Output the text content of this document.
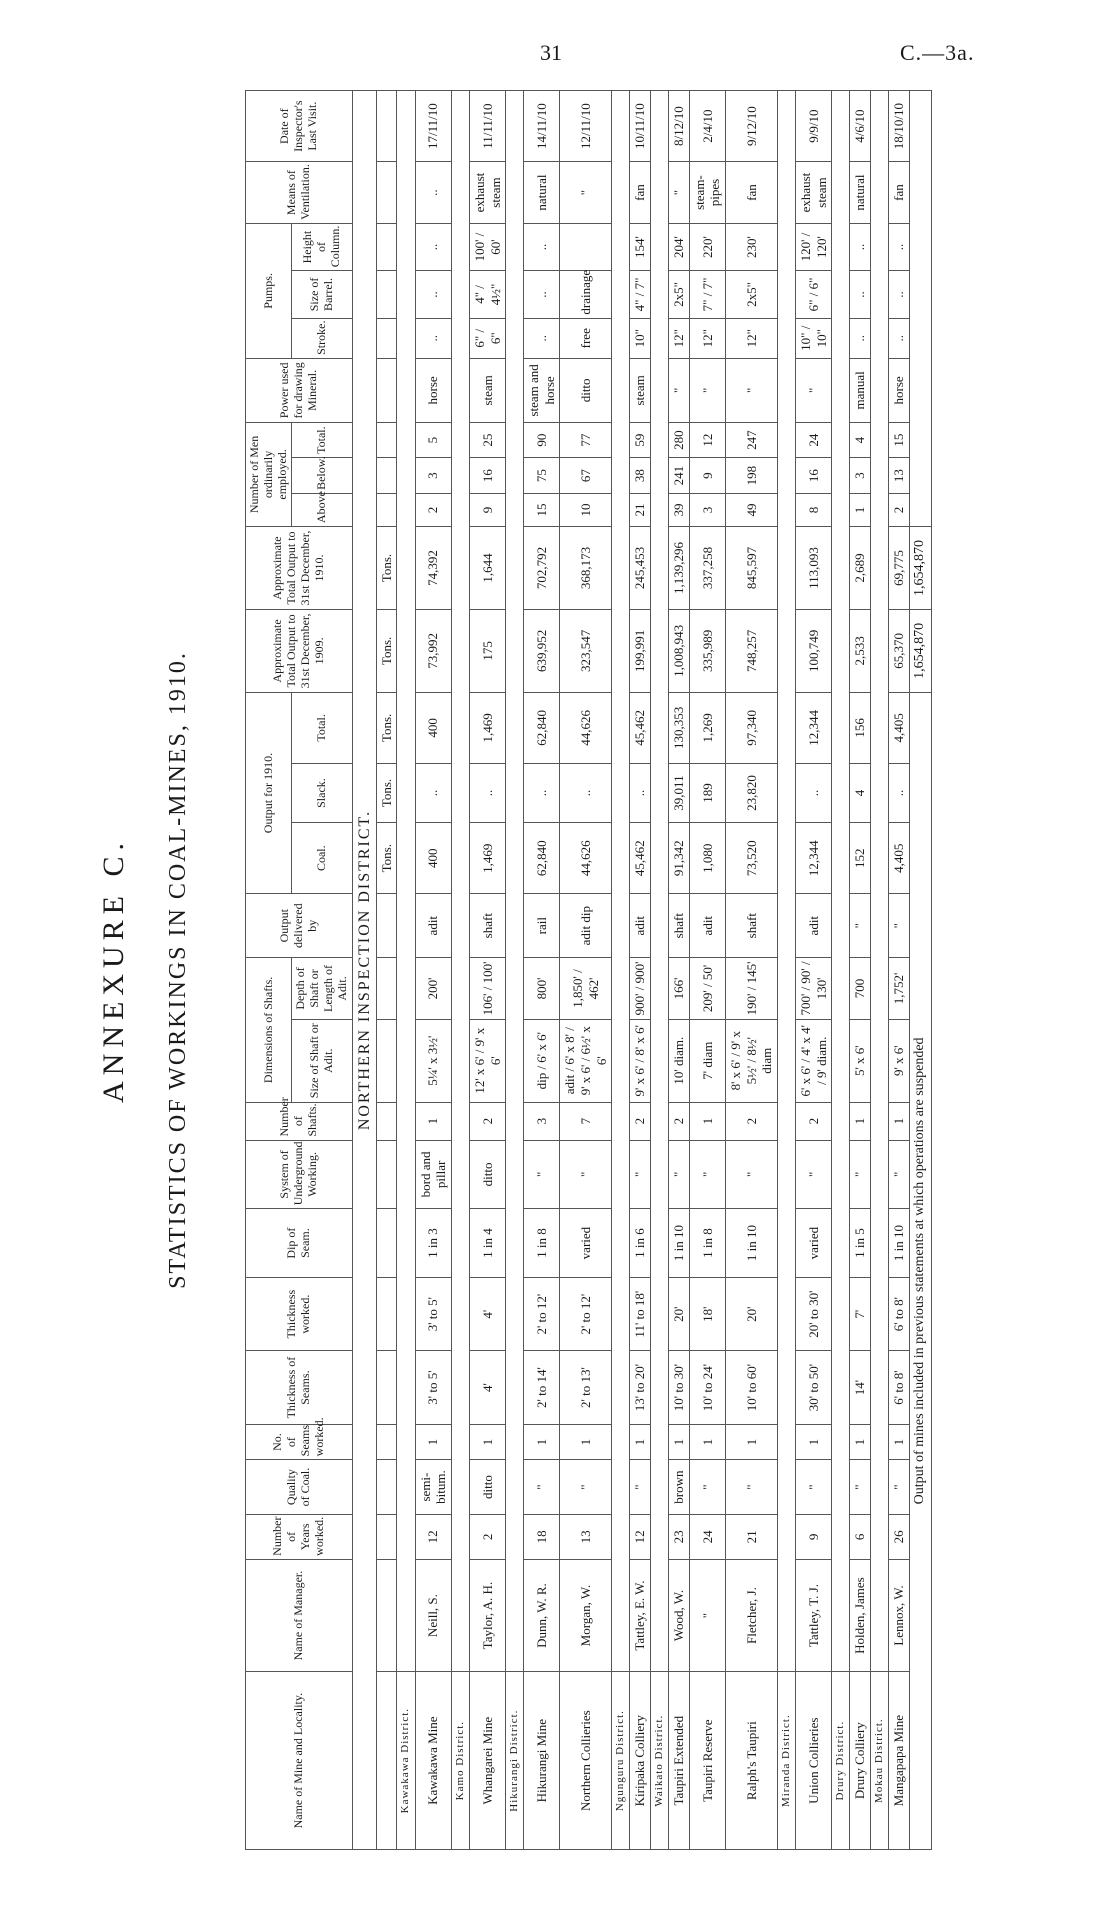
31	C.—3a.
ANNEXURE C. STATISTICS OF WORKINGS IN COAL-MINES, 1910.
Name of Mine and Locality.	Name of Manager.	Number of Years worked.	Quality of Coal.	No. of Seams worked.	Thickness of Seams.	Thickness worked.	Dip of Seam.	System of Underground Working.	Number of Shafts.	Dimensions of Shafts.		Output delivered by	Output for 1910.			Approximate Total Output to 31st December, 1909.	Approximate Total Output to 31st December, 1910.	Number of Men ordinarily employed.			Power used for drawing Mineral.	Pumps.			Means of Ventilation.	Date of Inspector's Last Visit.
										Size of Shaft or Adit.	Depth of Shaft or Length of Adit.		Coal.	Slack.	Total.			Above	Below.	Total.		Stroke.	Size of Barrel.	Height of Column.		
NORTHERN INSPECTION DISTRICT.																										
													Tons.	Tons.	Tons.	Tons.	Tons.									
Kawakawa District.																										
Kawakawa Mine	Neill, S.	12	semi-bitum.	1	3' to 5'	3' to 5'	1 in 3	bord and pillar	1	5¼' x 3½'	200'	adit	400	..	400	73,992	74,392	2	3	5	horse	..	..	..	..	17/11/10
Kamo District.																										
Whangarei Mine	Taylor, A. H.	2	ditto	1	4'	4'	1 in 4	ditto	2	12' x 6' / 9' x 6'	106' / 100'	shaft	1,469	..	1,469	175	1,644	9	16	25	steam	6" / 6"	4" / 4½"	100' / 60'	exhaust steam	11/11/10
Hikurangi District.																										
Hikurangi Mine	Dunn, W. R.	18	"	1	2' to 14'	2' to 12'	1 in 8	"	3	dip / 6' x 6'	800'	rail	62,840	..	62,840	639,952	702,792	15	75	90	steam and horse	..	..	..	natural	14/11/10
Northern Collieries	Morgan, W.	13	"	1	2' to 13'	2' to 12'	varied	"	7	adit / 6' x 8' / 9' x 6' / 6½' x 6'	1,850' / 462'	adit dip	44,626	..	44,626	323,547	368,173	10	67	77	ditto	free	drainage		"	12/11/10
Ngunguru District.																										
Kiripaka Colliery	Tattley, E. W.	12	"	1	13' to 20'	11' to 18'	1 in 6	"	2	9' x 6' / 8' x 6'	900' / 900'	adit	45,462	..	45,462	199,991	245,453	21	38	59	steam	10"	4" / 7"	154'	fan	10/11/10
Waikato District.																										
Taupiri Extended	Wood, W.	23	brown	1	10' to 30'	20'	1 in 10	"	2	10' diam.	166'	shaft	91,342	39,011	130,353	1,008,943	1,139,296	39	241	280	"	12"	2x5"	204'	"	8/12/10
Taupiri Reserve	"	24	"	1	10' to 24'	18'	1 in 8	"	1	7' diam	209' / 50'	adit	1,080	189	1,269	335,989	337,258	3	9	12	"	12"	7" / 7"	220'	steam-pipes	2/4/10
Ralph's Taupiri	Fletcher, J.	21	"	1	10' to 60'	20'	1 in 10	"	2	8' x 6' / 9' x 5½' / 8½' diam	190' / 145'	shaft	73,520	23,820	97,340	748,257	845,597	49	198	247	"	12"	2x5"	230'	fan	9/12/10
Miranda District.																										
Union Collieries	Tattley, T. J.	9	"	1	30' to 50'	20' to 30'	varied	"	2	6' x 6' / 4' x 4' / 9' diam.	700' / 90' / 130'	adit	12,344	..	12,344	100,749	113,093	8	16	24	"	10" / 10"	6" / 6"	120' / 120'	exhaust steam	9/9/10
Drury District.																										
Drury Colliery	Holden, James	6	"	1	14'	7'	1 in 5	"	1	5' x 6'	700	"	152	4	156	2,533	2,689	1	3	4	manual	..	..	..	natural	4/6/10
Mokau District.																										
Mangapapa Mine	Lennox, W.	26	"	1	6' to 8'	6' to 8'	1 in 10	"	1	9' x 6'	1,752'	"	4,405	..	4,405	65,370	69,775	2	13	15	horse	..	..	..	fan	18/10/10
Output of mines included in previous statements at which operations are suspended																1,654,870	1,654,870									
